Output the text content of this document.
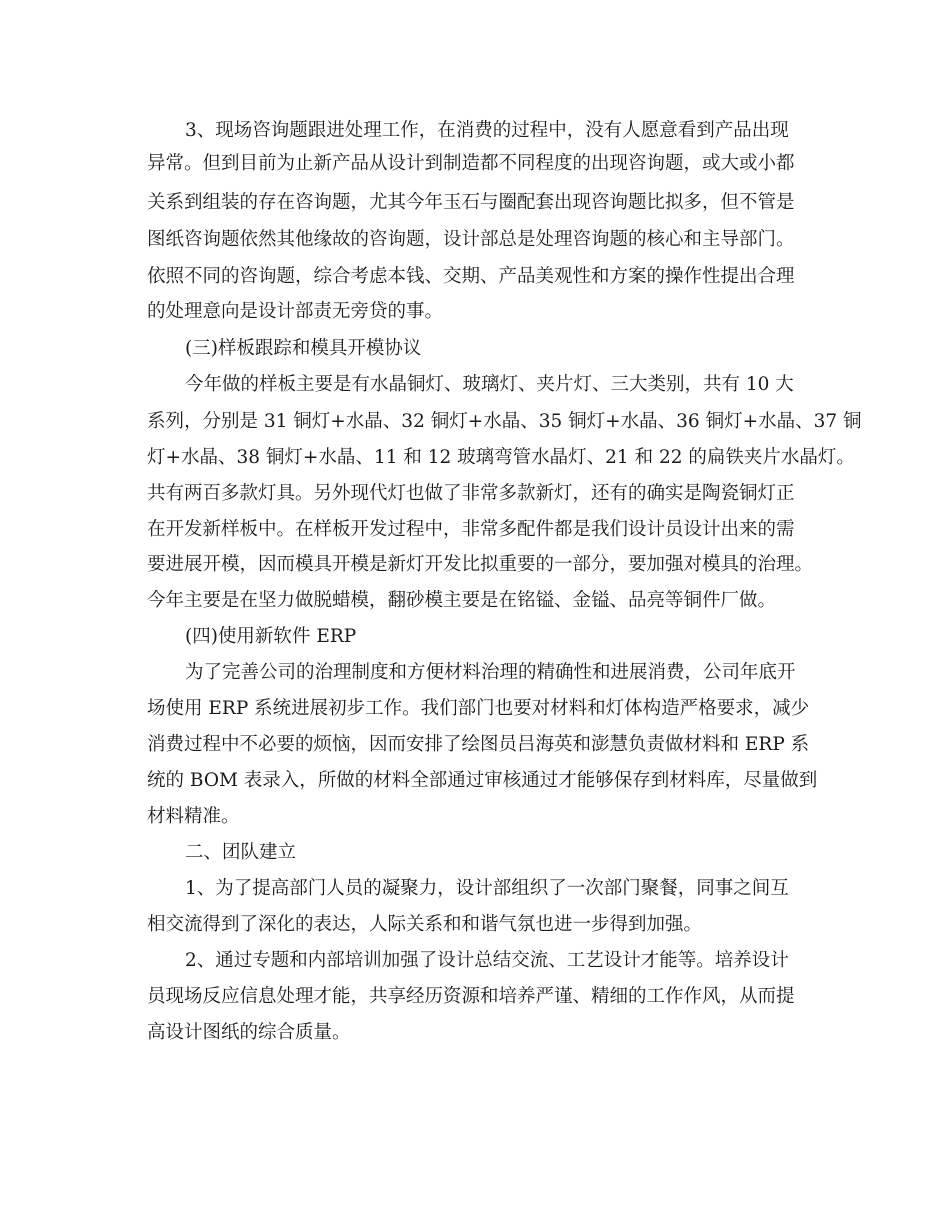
3、现场咨询题跟进处理工作，在消费的过程中，没有人愿意看到产品出现
异常。但到目前为止新产品从设计到制造都不同程度的出现咨询题，或大或小都
关系到组装的存在咨询题，尤其今年玉石与圈配套出现咨询题比拟多，但不管是
图纸咨询题依然其他缘故的咨询题，设计部总是处理咨询题的核心和主导部门。
依照不同的咨询题，综合考虑本钱、交期、产品美观性和方案的操作性提出合理
的处理意向是设计部责无旁贷的事。
(三)样板跟踪和模具开模协议
今年做的样板主要是有水晶铜灯、玻璃灯、夹片灯、三大类别，共有 10 大
系列，分别是 31 铜灯+水晶、32 铜灯+水晶、35 铜灯+水晶、36 铜灯+水晶、37 铜
灯+水晶、38 铜灯+水晶、11 和 12 玻璃弯管水晶灯、21 和 22 的扁铁夹片水晶灯。
共有两百多款灯具。另外现代灯也做了非常多款新灯，还有的确实是陶瓷铜灯正
在开发新样板中。在样板开发过程中，非常多配件都是我们设计员设计出来的需
要进展开模，因而模具开模是新灯开发比拟重要的一部分，要加强对模具的治理。
今年主要是在坚力做脱蜡模，翻砂模主要是在铭镒、金镒、品亮等铜件厂做。
(四)使用新软件 ERP
为了完善公司的治理制度和方便材料治理的精确性和进展消费，公司年底开
场使用 ERP 系统进展初步工作。我们部门也要对材料和灯体构造严格要求，减少
消费过程中不必要的烦恼，因而安排了绘图员吕海英和澎慧负责做材料和 ERP 系
统的 BOM 表录入，所做的材料全部通过审核通过才能够保存到材料库，尽量做到
材料精准。
二、团队建立
1、为了提高部门人员的凝聚力，设计部组织了一次部门聚餐，同事之间互
相交流得到了深化的表达，人际关系和和谐气氛也进一步得到加强。
2、通过专题和内部培训加强了设计总结交流、工艺设计才能等。培养设计
员现场反应信息处理才能，共享经历资源和培养严谨、精细的工作作风，从而提
高设计图纸的综合质量。
